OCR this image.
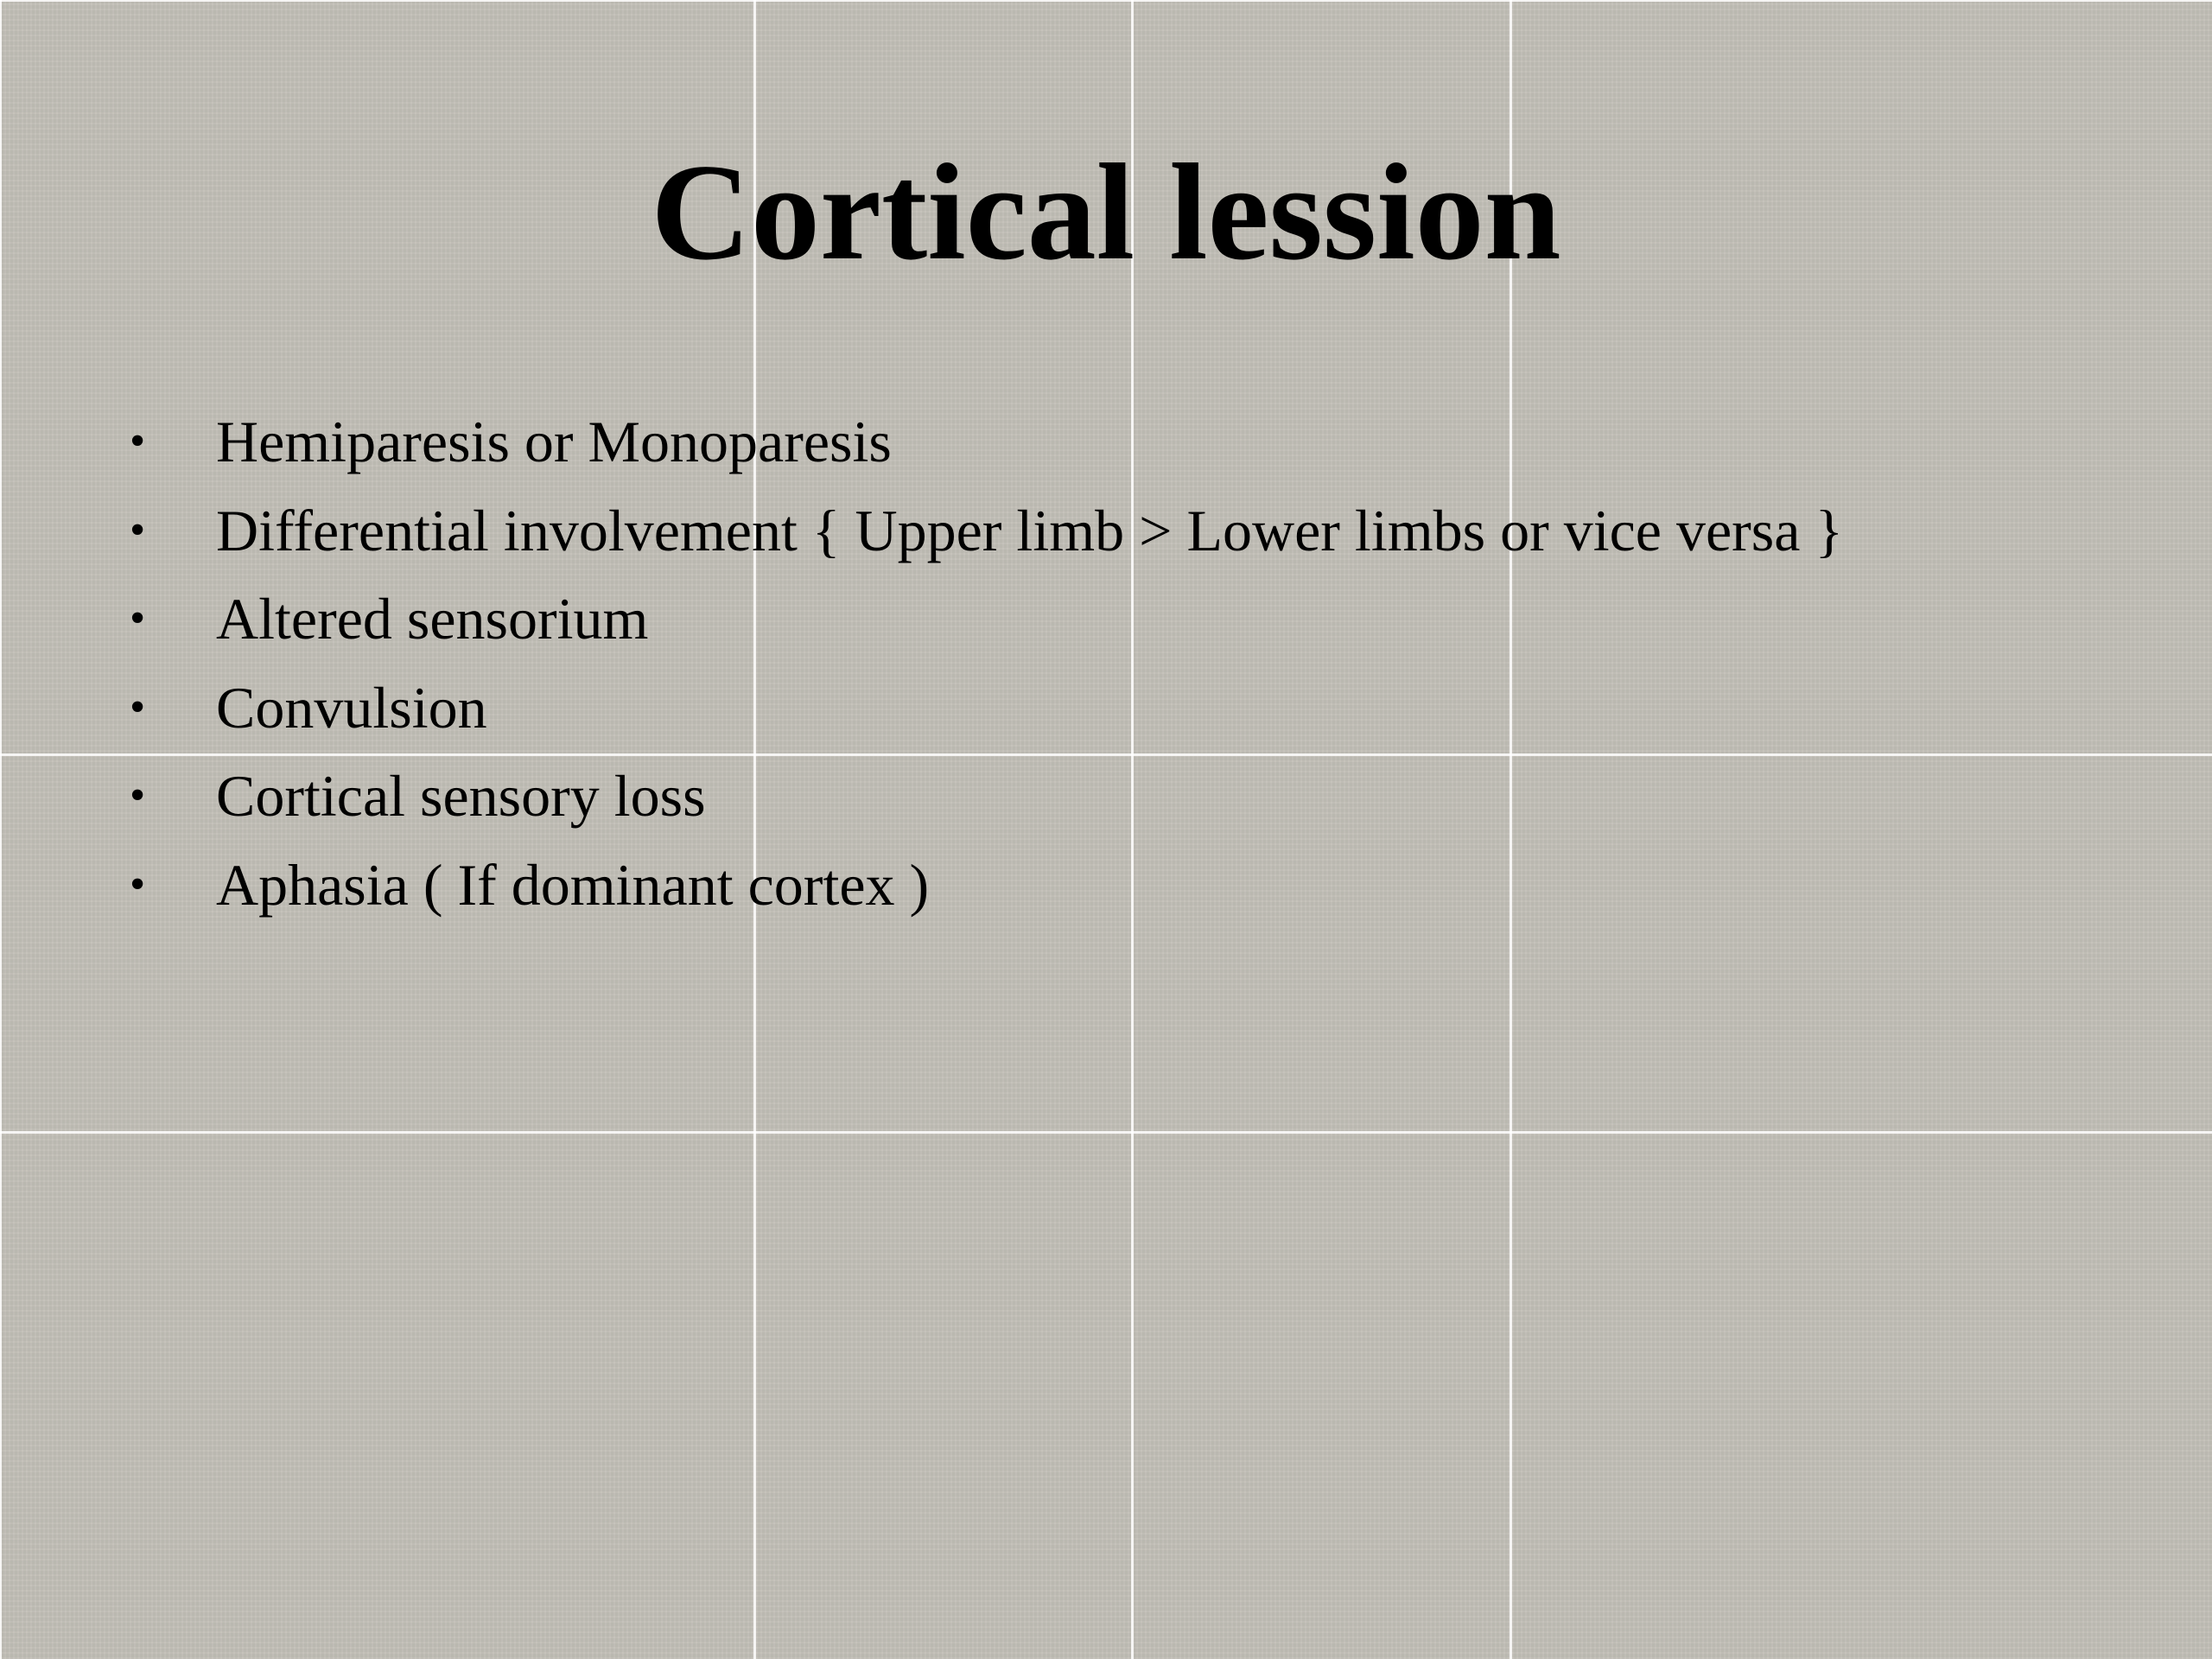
Cortical lession
• Hemiparesis or Monoparesis
• Differential involvement { Upper limb > Lower limbs or vice versa }
• Altered sensorium
• Convulsion
• Cortical sensory loss
• Aphasia ( If dominant cortex )
